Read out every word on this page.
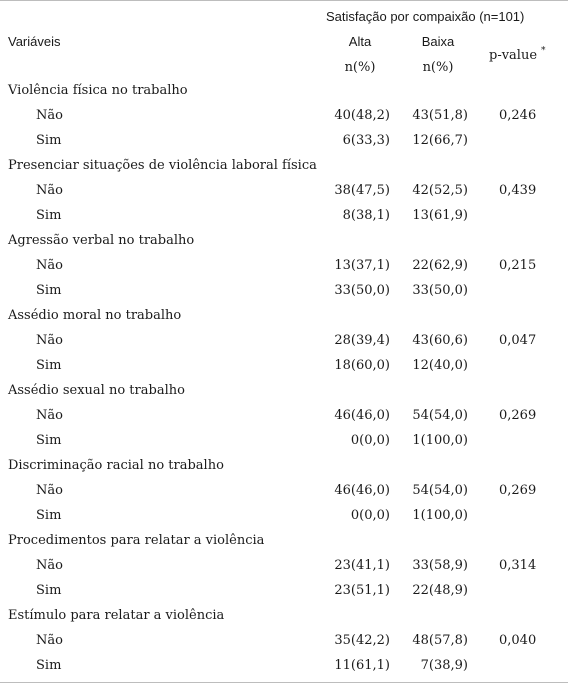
Satisfação por compaixão (n=101)
Variáveis	Alta	Baixa
n(%)	n(%)
p-value *
Violência física no trabalho
Não	40(48,2)	43(51,8) 0,246
Sim	6(33,3)	12(66,7)
Presenciar situações de violência laboral física
Não	38(47,5)	42(52,5) 0,439
Sim	8(38,1)	13(61,9)
Agressão verbal no trabalho
Não	13(37,1)	22(62,9) 0,215
Sim	33(50,0)	33(50,0)
Assédio moral no trabalho
Não	28(39,4)	43(60,6) 0,047
Sim	18(60,0)	12(40,0)
Assédio sexual no trabalho
Não	46(46,0)	54(54,0) 0,269
Sim	0(0,0)	1(100,0)
Discriminação racial no trabalho
Não	46(46,0)	54(54,0) 0,269
Sim	0(0,0)	1(100,0)
Procedimentos para relatar a violência
Não	23(41,1)	33(58,9) 0,314
Sim	23(51,1)	22(48,9)
Estímulo para relatar a violência
Não	35(42,2)	48(57,8) 0,040
Sim	11(61,1)	7(38,9)
